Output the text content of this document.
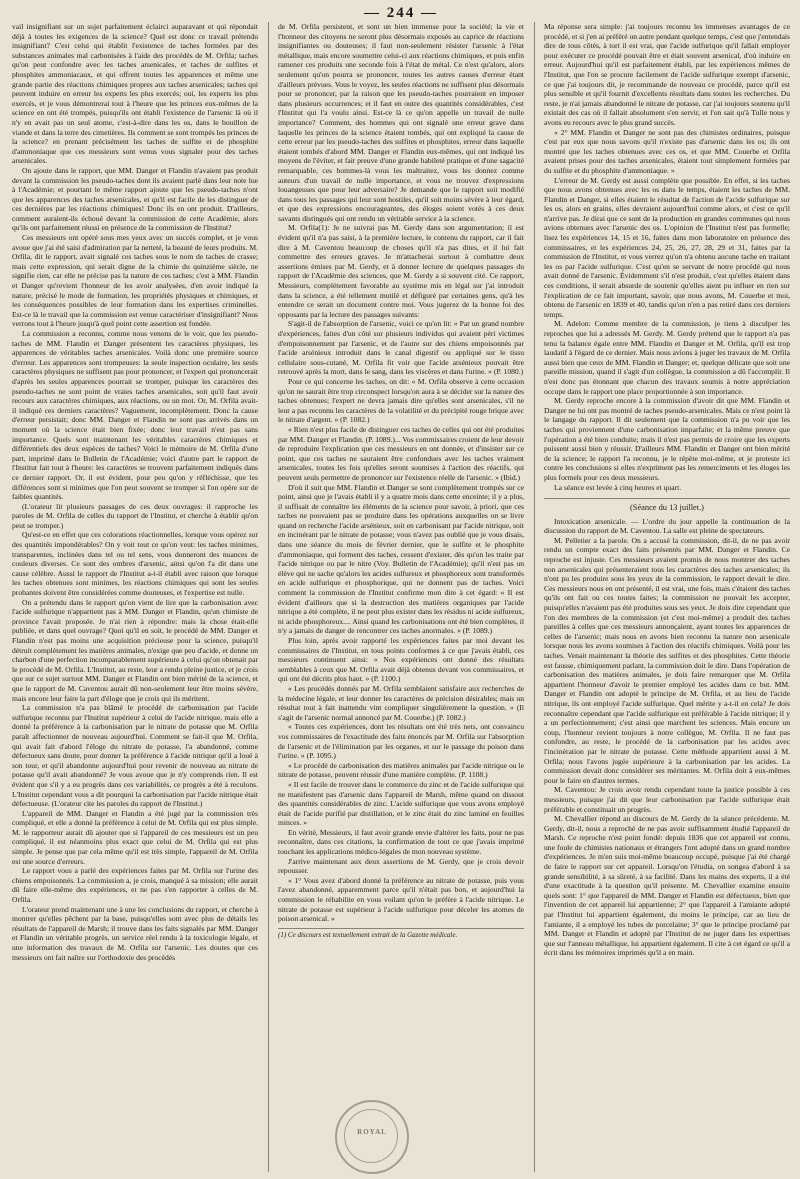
— 244 —

vail insignifiant sur un sujet parfaitement éclairci auparavant et qui répondait déjà à toutes les exigences de la science? Quel est donc ce travail prétendu insignifiant? C'est celui qui établit l'existence de taches formées par des substances animales mal carbonisées à l'aide des procédés de M. Orfila; taches qu'on peut confondre avec les taches arsenicales, et taches de sulfites et phosphites ammoniacaux, et qui offrent toutes les apparences et même une grande partie des réactions chimiques propres aux taches arsenicales; taches qui peuvent induire en erreur les experts les plus exercés; oui, les experts les plus exercés, et je vous démontrerai tout à l'heure que les princes eux-mêmes de la science en ont été trompés, puisqu'ils ont établi l'existence de l'arsenic là où il n'y en avait pas un seul atome, c'est-à-dire dans les os, dans le bouillon de viande et dans la terre des cimetières. Ils comment se sont trompés les princes de la science? en prenant précisément les taches de sulfite et de phosphite d'ammoniaque que ces messieurs sont venus vous signaler pour des taches arsenicales.

On ajoute dans le rapport, que MM. Danger et Flandin n'avaient pas produit devant la commission les pseudo-taches dont ils avaient parlé dans leur note lue à l'Académie; et pourtant le même rapport ajoute que les pseudo-taches n'ont que les apparences des taches arsenicales, et qu'il est facile de les distinguer de ces dernières par les réactions chimiques! Donc ils en ont produit. D'ailleurs, comment auraient-ils échoué devant la commission de cette Académie, alors qu'ils ont parfaitement réussi en présence de la commission de l'Institut?

Ces messieurs ont opéré sous mes yeux avec un succès complet, et je vous avoue que j'ai été saisi d'admiration par la netteté, la beauté de leurs produits. M. Orfila, dit le rapport, avait signalé ces taches sous le nom de taches de crasse; mais cette expression, qui serait digne de la chimie du quinzième siècle, ne signifie rien, car elle ne précise pas la nature de ces taches; c'est à MM. Flandin et Danger qu'revient l'honneur de les avoir analysées, d'en avoir indiqué la nature, précisé le mode de formation, les propriétés physiques et chimiques, et les conséquences possibles de leur formation dans les expertises criminelles. Est-ce là le travail que la commission est venue caractériser d'insignifiant? Nous verrons tout à l'heure jusqu'à quel point cette assertion est fondée.

La commission a reconnu, comme nous venons de le voir, que les pseudo-taches de MM. Flandin et Danger présentent les caractères physiques, les apparences de véritables taches arsenicales. Voilà donc une première source d'erreur. Les apparences sont trompeuses: la seule inspection oculaire, les seuls caractères physiques ne suffisent pas pour prononcer, et l'expert qui prononcerait d'après les seules apparences pourrait se tromper, puisque les caractères des pseudo-taches ne sont point de vraies taches arsenicales, soit qu'il faut avoir recours aux caractères chimiques, aux réactions, ou un mot. Or, M. Orfila avait-il indiqué ces derniers caractères? Vaguement, incomplètement. Donc la cause d'erreur persistait; donc MM. Danger et Flandin ne sont pas arrivés dans un moment où la science était bien fixée; donc leur travail n'est pas sans importance. Quels sont maintenant les véritables caractères chimiques et différentiels des deux espèces de taches? Voici le mémoire de M. Orfila d'une part, imprimé dans le Bulletin de l'Académie; voici d'autre part le rapport de l'Institut fait tout à l'heure: les caractères se trouvent parfaitement indiqués dans ce dernier rapport. Or, il est évident, pour peu qu'on y réfléchisse, que les différences sont si minimes que l'on peut souvent se tromper si l'on opère sur de faibles quantités.

(L'orateur lit plusieurs passages de ces deux ouvrages: il rapproche les paroles de M. Orfila de celles du rapport de l'Institut, et cherche à établir qu'on peut se tromper.)

Qu'est-ce en effet que ces colorations réactionnelles, lorsque vous opérez sur des quantités impondérables? On y voit tout ce qu'on veut: les taches minimes, transparentes, inclinées dans tel ou tel sens, vous donneront des nuances de couleurs diverses. Ce sont des ombres d'arsenic, ainsi qu'on l'a dit dans une cause célèbre. Aussi le rapport de l'Institut a-t-il établi avec raison que lorsque les taches obtenues sont minimes, les réactions chimiques qui sont les seules probantes doivent être considérées comme douteuses, et l'expertise est nulle.

On a prétendu dans le rapport qu'on vient de lire que la carbonisation avec l'acide sulfurique n'appartient pas à MM. Danger et Flandin, qu'un chimiste de province l'avait proposée. Je n'ai rien à répondre: mais la chose était-elle publiée, et dans quel ouvrage? Quoi qu'il en soit, le procédé de MM. Danger et Flandin n'est pas moins une acquisition précieuse pour la science, puisqu'il détruit complètement les matières animales, n'exige que peu d'acide, et donne un charbon d'une perfection incomparablement supérieure à celui qu'on obtenait par le procédé de M. Orfila. L'Institut, au reste, leur a rendu pleine justice, et je crois que sur ce sujet surtout MM. Danger et Flandin ont bien mérité de la science, et que le rapport de M. Caventou aurait dû non-seulement leur être moins sévère, mais encore leur faire la part d'éloge que je crois qui ils méritent.

La commission n'a pas blâmé le procédé de carbonisation par l'acide sulfurique reconnu par l'Institut supérieur à celui de l'acide nitrique, mais elle a donné la préférence à la carbonisation par le nitrate de potasse que M. Orfila paraît affectionner de nouveau aujourd'hui. Comment se fait-il que M. Orfila, qui avait fait d'abord l'éloge du nitrate de potasse, l'a abandonné, comme défectueux sans doute, pour donner la préférence à l'acide nitrique qu'il a loué à son tour, et qu'il abandonne aujourd'hui pour revenir de nouveau au nitrate de potasse qu'il avait abandonné? Je vous avoue que je n'y comprends rien. Il est évident que s'il y a eu progrès dans ces variabilités, ce progrès a été à reculons. L'Institut cependant vous a dit pourquoi la carbonisation par l'acide nitrique était défectueuse. (L'orateur cite les paroles du rapport de l'Institut.)

L'appareil de MM. Danger et Flandin a été jugé par la commission très compliqué, et elle a donné la préférence à celui de M. Orfila qui est plus simple. M. le rapporteur aurait dû ajouter que si l'appareil de ces messieurs est un peu compliqué, il est néanmoins plus exact que celui de M. Orfila qui est plus simple. Je pense que par cela même qu'il est très simple, l'appareil de M. Orfila est une source d'erreurs.

Le rapport vous a parlé des expériences faites par M. Orfila sur l'urine des chiens empoisonnés. La commission a, je crois, manqué à sa mission; elle aurait dû faire elle-même des expériences, et ne pas s'en rapporter à celles de M. Orfila.

L'orateur prend maintenant une à une les conclusions du rapport, et cherche à montrer qu'elles pêchent par la base, puisqu'elles sont avec plus de détails les résultats de l'appareil de Marsh; il trouve dans les faits signalés par MM. Danger et Flandin un véritable progrès, un service réel rendu à la toxicologie légale, et une information des travaux de M. Orfila sur l'arsenic. Les doutes que ces messieurs ont fait naître sur l'orthodoxie des procédés

de M. Orfila persistent, et sont un bien immense pour la société; la vie et l'honneur des citoyens ne seront plus désormais exposés au caprice de réactions insignifiantes ou douteuses; il faut non-seulement résister l'arsenic à l'état métallique, mais encore soumettre celui-ci aux réactions chimiques, et puis enfin ramener ces produits une seconde fois à l'état de métal. Ce n'est qu'alors, alors seulement qu'on pourra se prononcer, toutes les autres causes d'erreur étant d'ailleurs prévues. Vous le voyez, les seules réactions ne suffisent plus désormais pour se prononcer, par la raison que les pseudo-taches pourraient en imposer dans plusieurs occurrences; et il faut en outre des quantités considérables, c'est l'Institut qui l'a voulu ainsi. Est-ce là ce qu'on appelle un travail de nulle importance? Comment, des hommes qui ont signalé une erreur grave dans laquelle les princes de la science étaient tombés, qui ont expliqué la cause de cette erreur par les pseudo-taches des sulfites et phosphites, erreur dans laquelle étaient tombés d'abord MM. Danger et Flandin eux-mêmes, qui ont indiqué les moyens de l'éviter, et fait preuve d'une grande habileté pratique et d'une sagacité remarquable, ces hommes-là vous les maltraitez, vous les donnez comme auteurs d'un travail de nulle importance, et vous ne trouvez d'expressions louangeuses que pour leur adversaire? Je demande que le rapport soit modifié dans tous les passages qui leur sont hostiles, qu'il soit moins sévère à leur égard, et que des expressions encourageantes, des éloges soient votés à ces deux savants distingués qui ont rendu un véritable service à la science.

M. Orfila(1): Je ne suivrai pas M. Gerdy dans son argumentation; il est évident qu'il n'a pas saisi, à la première lecture, le contenu du rapport, car il fait dire à M. Caventou beaucoup de choses qu'il n'a pas dites, et il lui fait commettre des erreurs graves. Je m'attacherai surtout à combattre deux assertions émises par M. Gerdy, et à donner lecture de quelques passages du rapport de l'Académie des sciences, que M. Gerdy a si souvent cité. Ce rapport, Messieurs, complètement favorable au système mis en légal sur j'ai introduit dans la science, a été tellement mutilé et défiguré par certaines gens, qu'à les entendre ce serait un document contre moi. Vous jugerez de la bonne foi des opposants par la lecture des passages suivants:

S'agit-il de l'absorption de l'arsenic, voici ce qu'on lit: « Par un grand nombre d'expériences, faites d'un côté sur plusieurs individus qui avaient péri victimes d'empoisonnement par l'arsenic, et de l'autre sur des chiens empoisonnés par l'acide arsénieux introduit dans le canal digestif ou appliqué sur le tissu cellulaire sous-cutané, M. Orfila fit voir que l'acide arsénieux pouvait être retrouvé après la mort, dans le sang, dans les viscères et dans l'urine. » (P. 1080.)

Pour ce qui concerne les taches, on dit: « M. Orfila observe à cette occasion qu'on ne saurait être trop circonspect lorsqu'on aura à se décider sur la nature des taches obtenues; l'expert ne devra jamais dire qu'elles sont arsenicales, s'il ne leur a pas reconnu les caractères de la volatilité et du précipité rouge brique avec le nitrate d'argent. » (P. 1082.)

« Rien n'est plus facile de distinguer ces taches de celles qui ont été produites par MM. Danger et Flandin. (P. 1089.)... Vos commissaires croient de leur devoir de reproduire l'explication que ces messieurs en ont donnée, et d'insister sur ce point, que ces taches ne sauraient être confondues avec les taches vraiment arsenicales, toutes les fois qu'elles seront soumises à l'action des réactifs, qui peuvent seuls permettre de prononcer sur l'existence réelle de l'arsenic. » (Ibid.)

D'où il suit que MM. Flandin et Danger se sont complètement trompés sur ce point, ainsi que je l'avais établi il y a quatre mois dans cette enceinte; il y a plus, il suffisait de connaître les éléments de la science pour savoir, à priori, que ces taches ne pouvaient pas se produire dans les opérations auxquelles on se livre quand on recherche l'acide arsénieux, soit en carbonisant par l'acide nitrique, soit en incinérant par le nitrate de potasse; vous n'avez pas oublié que je vous disais, dans une séance du mois de février dernier, que le sulfite et le phosphite d'ammoniaque, qui forment des taches, cessent d'exister, dès qu'on les traite par l'acide nitrique ou par le nitre (Voy. Bulletin de l'Académie); qu'il n'est pas un élève qui ne sache qu'alors les acides sulfureux et phosphoreux sont transformés en acide sulfurique et phosphorique, qui ne donnent pas de taches. Voici comment la commission de l'Institut confirme mon dire à cet égard: « Il est évident d'ailleurs que si la destruction des matières organiques par l'acide nitrique a été complète, il ne peut plus exister dans les résidus ni acide sulfureux, ni acide phosphoreux.... Ainsi quand les carbonisations ont été bien complètes, il n'y a jamais de danger de rencontrer ces taches anormales. » (P. 1089.)

Plus loin, après avoir rapporté les expériences faites par moi devant les commissaires de l'Institut, en tous points conformes à ce que j'avais établi, ces messieurs continuent ainsi: « Nos expériences ont donné des résultats semblables à ceux que M. Orfila avait déjà obtenus devant vos commissaires, et qui ont été décrits plus haut. » (P. 1100.)

« Les procédés donnés par M. Orfila semblaient satisfaire aux recherches de la médecine légale, et leur donner les caractères de précision désirables; mais un résultat tout à fait inattendu vint compliquer singulièrement la question. » (Il s'agit de l'arsenic normal annoncé par M. Couerbe.) (P. 1082.)

« Toutes ces expériences, dont les résultats ont été très nets, ont convaincu vos commissaires de l'exactitude des faits énoncés par M. Orfila sur l'absorption de l'arsenic et de l'élimination par les organes, et sur le passage du poison dans l'urine. » (P. 1095.)

« Le procédé de carbonisation des matières animales par l'acide nitrique ou le nitrate de potasse, peuvent réussir d'une manière complète. (P. 1108.)

« Il est facile de trouver dans le commerce du zinc et de l'acide sulfurique qui ne manifestent pas d'arsenic dans l'appareil de Marsh, même quand on dissout des quantités considérables de zinc. L'acide sulfurique que vous avons employé était de l'acide purifié par distillation, et le zinc était du zinc laminé en feuilles minces. »

En vérité, Messieurs, il faut avoir grande envie d'altérer les faits, pour ne pas reconnaître, dans ces citations, la confirmation de tout ce que j'avais imprimé touchant les applications médico-légales de mon nouveau système.

J'arrive maintenant aux deux assertions de M. Gerdy, que je crois devoir repousser.

« 1° Vous avez d'abord donné la préférence au nitrate de potasse, puis vous l'avez abandonné, apparemment parce qu'il n'était pas bon, et aujourd'hui la commission le réhabilite en vous voilant qu'on le préfère à l'acide nitrique. Le nitrate de potasse est supérieur à l'acide sulfurique pour déceler les atomes de poison arsenical. »

(1) Ce discours est textuellement extrait de la Gazette médicale.

Ma réponse sera simple: j'ai toujours reconnu les immenses avantages de ce procédé, et si j'en ai préféré un autre pendant quelque temps, c'est que j'entendais dire de tous côtés, à tort il est vrai, que l'acide sulfurique qu'il fallait employer pour exécuter ce procédé pouvait être et était souvent arsenical, d'où induire en erreur. Aujourd'hui qu'il est parfaitement établi, par les expériences mêmes de l'Institut, que l'on se procure facilement de l'acide sulfurique exempt d'arsenic, ce que j'ai toujours dit, je recommande de nouveau ce procédé, parce qu'il est plus sensible et qu'il fournit d'excellents résultats dans toutes les recherches. Du reste, je n'ai jamais abandonné le nitrate de potasse, car j'ai toujours soutenu qu'il existait des cas où il fallait absolument s'en servir, et l'on sait qu'à Tulle nous y avons eu recours avec le plus grand succès.

« 2° MM. Flandin et Danger ne sont pas des chimistes ordinaires, puisque c'est par eux que nous savons qu'il n'existe pas d'arsenic dans les os; ils ont montré que les taches obtenues avec ces os, et que MM. Couerbe et Orfila avaient prises pour des taches arsenicales, étaient tout simplement formées par du sulfite et du phosphite d'ammoniaque. »

L'erreur de M. Gerdy est aussi complète que possible. En effet, si les taches que nous avons obtenues avec les os dans le temps, étaient les taches de MM. Flandin et Danger, si elles étaient le résultat de l'action de l'acide sulfurique sur les os, alors en grains, elles devraient aujourd'hui comme alors, et c'est ce qu'il n'arrive pas. Je dirai que ce sont de la production en grandes communes qui nous avions obtenues avec l'arsenic des os. L'opinion de l'Institut n'est pas formelle; lisez les expériences 14, 15 et 16, faites dans mon laboratoire en présence des commissaires, et les expériences 24, 25, 26, 27, 28, 29 et 31, faites par la commission de l'Institut, et vous verrez qu'on n'a obtenu aucune tache en traitant les os par l'acide sulfurique. C'est qu'en se servant de notre procédé qui nous avait donné de l'arsenic. Évidemment s'il n'est produit, c'est qu'elles étaient dans ces conditions, il serait absurde de soutenir qu'elles aient pu influer en rien sur l'explication de ce fait important, savoir, que nous avons, M. Couerbe et moi, obtenu de l'arsenic en 1839 et 40, tandis qu'on n'en a pas retiré dans ces derniers temps.

M. Adelon: Comme membre de la commission, je tiens à disculper les reproches que lui a adressés M. Gerdy. M. Gerdy prétend que le rapport n'a pas tenu la balance égale entre MM. Flandin et Danger et M. Orfila, qu'il est trop laudatif à l'égard de ce dernier. Mais nous avions à juger les travaux de M. Orfila aussi bien que ceux de MM. Flandin et Danger; et, quelque délicate que soit une pareille mission, quand il s'agit d'un collègue, la commission a dû l'accomplir. Il n'est donc pas étonnant que chacun des travaux soumis à notre appréciation occupe dans le rapport une place proportionnée à son importance.

M. Gerdy reproche encore à la commission d'avoir dit que MM. Flandin et Danger ne lui ont pas montré de taches pseudo-arsenicales. Mais ce n'est point là le langage du rapport. Il dit seulement que la commission n'a pu voir que les taches qui proviennent d'une carbonisation imparfaite; et la même preuve que l'opération a été bien conduite; mais il n'est pas permis de croire que les experts puissent aussi bien y réussir. D'ailleurs MM. Flandin et Danger ont bien mérité de la science; le rapport l'a reconnu, je le répète moi-même, et je proteste ici contre les conclusions si elles n'expriment pas les remerciments et les éloges les plus formels pour ces deux messieurs.

La séance est levée à cinq heures et quart.

(Séance du 13 juillet.)

Intoxication arsenicale. — L'ordre du jour appelle la continuation de la discussion du rapport de M. Caventou. La salle est pleine de spectateurs.

M. Pelletier a la parole. On a accusé la commission, dit-il, de ne pas avoir rendu un compte exact des faits présentés par MM. Danger et Flandin. Ce reproche est injuste. Ces messieurs avaient promis de nous montrer des taches non arsenicales qui présenteraient tous les caractères des taches arsenicales; ils n'ont pu les produire sous les yeux de la commission, le rapport devait le dire. Ces messieurs nous en ont présenté, il est vrai, une fois, mais c'étaient des taches qu'ils ont fait ou ces toutes faites; la commission ne pouvait les accepter, puisqu'elles n'avaient pas été produites sous ses yeux. Je dois dire cependant que l'on des membres de la commission (et c'est moi-même) a produit des taches pareilles à celles que ces messieurs annonçaient, ayant toutes les apparences de celles de l'arsenic; mais nous en avons bien reconnu la nature non arsenicale lorsque nous les avons soumises à l'action des réactifs chimiques. Voilà pour les taches. Venait maintenant la théorie des sulfites et des phosphites. Cette théorie est fausse, chimiquement parlant, la commission doit le dire. Dans l'opération de carbonisation des matières animales, je dois faire remarquer que M. Orfila appartient l'honneur d'avoir le premier employé les acides dans ce but. MM. Danger et Flandin ont adopté le principe de M. Orfila, et au lieu de l'acide nitrique, ils ont employé l'acide sulfurique. Quel mérite y a-t-il en cela? Je dois reconnaître cependant que l'acide sulfurique est préférable à l'acide nitrique; il y a un perfectionnement; c'est ainsi que marchent les sciences. Mais encore un coup, l'honneur revient toujours à notre collègue, M. Orfila. Il ne faut pas confondre, au reste, le procédé de la carbonisation par les acides avec l'incinération par le nitrate de potasse. Cette méthode appartient aussi à M. Orfila; nous l'avons jugée supérieure à la carbonisation par les acides. La commission devait donc considérer ses méritantes. M. Orfila doit à eux-mêmes pour le faire en d'autres termes.

M. Caventou: Je crois avoir rendu cependant toute la justice possible à ces messieurs, puisque j'ai dit que leur carbonisation par l'acide sulfurique était préférable et constituait un progrès.

M. Chevallier répond au discours de M. Gerdy de la séance précédente. M. Gerdy, dit-il, nous a reproché de ne pas avoir suffisamment étudié l'appareil de Marsh. Ce reproche n'est point fondé: depuis 1836 que cet appareil est connu, une foule de chimistes nationaux et étrangers l'ont adopté dans un grand nombre d'expériences. Je m'en suis moi-même beaucoup occupé, puisque j'ai été chargé de faire le rapport sur cet appareil. Lorsqu'on l'étudia, on songea d'abord à sa grande sensibilité, à sa sûreté, à sa facilité. Dans les mains des experts, il a été d'une exactitude à la question qu'il présente. M. Chevallier examine ensuite quels sont: 1° que l'appareil de MM. Danger et Flandin est défectueux, bien que l'invention de cet appareil lui appartienne; 2° que l'appareil à l'amiante adopté par l'Institut lui appartient également, du moins le principe, car au lieu de l'amiante, il a employé les tubes de porcelaine; 3° que le principe proclamé par MM. Danger et Flandin et adopté par l'Institut de ne juger dans les expertises que sur l'anneau métallique, lui appartient également. Il cite à cet égard ce qu'il a écrit dans les mémoires imprimés qu'il a en main.

ROYAL
